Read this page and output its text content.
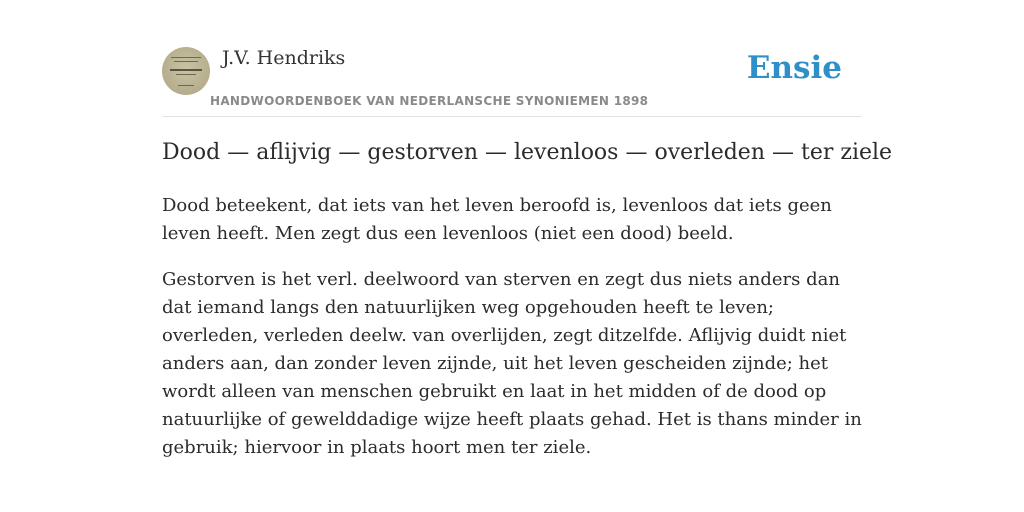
J.V. Hendriks
HANDWOORDENBOEK VAN NEDERLANSCHE SYNONIEMEN 1898
Ensie
Dood — aflijvig — gestorven — levenloos — overleden — ter ziele

Dood beteekent, dat iets van het leven beroofd is, levenloos dat iets geen leven heeft. Men zegt dus een levenloos (niet een dood) beeld.

Gestorven is het verl. deelwoord van sterven en zegt dus niets anders dan dat iemand langs den natuurlijken weg opgehouden heeft te leven; overleden, verleden deelw. van overlijden, zegt ditzelfde. Aflijvig duidt niet anders aan, dan zonder leven zijnde, uit het leven gescheiden zijnde; het wordt alleen van menschen gebruikt en laat in het midden of de dood op natuurlijke of gewelddadige wijze heeft plaats gehad. Het is thans minder in gebruik; hiervoor in plaats hoort men ter ziele.
